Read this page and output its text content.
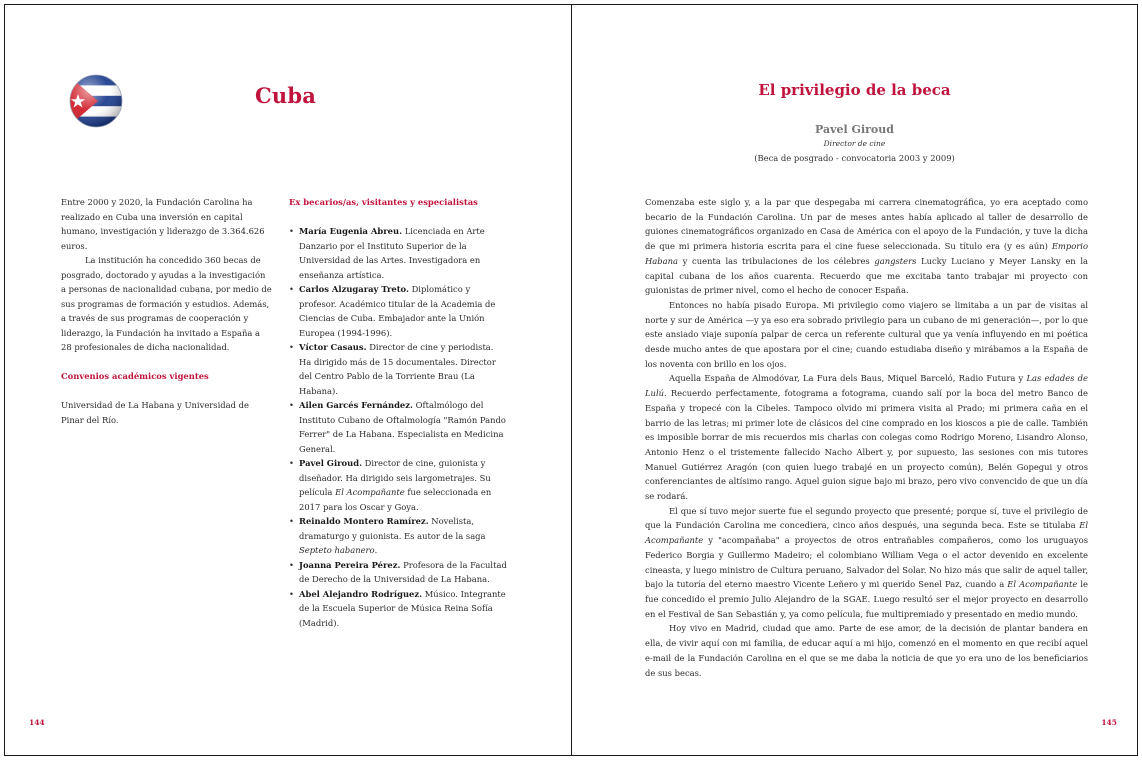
Cuba

Entre 2000 y 2020, la Fundación Carolina ha realizado en Cuba una inversión en capital humano, investigación y liderazgo de 3.364.626 euros.

La institución ha concedido 360 becas de posgrado, doctorado y ayudas a la investigación a personas de nacionalidad cubana, por medio de sus programas de formación y estudios. Además, a través de sus programas de cooperación y liderazgo, la Fundación ha invitado a España a 28 profesionales de dicha nacionalidad.

Convenios académicos vigentes

Universidad de La Habana y Universidad de Pinar del Río.

Ex becarios/as, visitantes y especialistas

• María Eugenia Abreu. Licenciada en Arte Danzario por el Instituto Superior de la Universidad de las Artes. Investigadora en enseñanza artística.
• Carlos Alzugaray Treto. Diplomático y profesor. Académico titular de la Academia de Ciencias de Cuba. Embajador ante la Unión Europea (1994-1996).
• Víctor Casaus. Director de cine y periodista. Ha dirigido más de 15 documentales. Director del Centro Pablo de la Torriente Brau (La Habana).
• Ailen Garcés Fernández. Oftalmólogo del Instituto Cubano de Oftalmología "Ramón Pando Ferrer" de La Habana. Especialista en Medicina General.
• Pavel Giroud. Director de cine, guionista y diseñador. Ha dirigido seis largometrajes. Su película El Acompañante fue seleccionada en 2017 para los Oscar y Goya.
• Reinaldo Montero Ramírez. Novelista, dramaturgo y guionista. Es autor de la saga Septeto habanero.
• Joanna Pereira Pérez. Profesora de la Facultad de Derecho de la Universidad de La Habana.
• Abel Alejandro Rodríguez. Músico. Integrante de la Escuela Superior de Música Reina Sofía (Madrid).
144
El privilegio de la beca
Pavel Giroud
Director de cine
(Beca de posgrado - convocatoria 2003 y 2009)

Comenzaba este siglo y, a la par que despegaba mi carrera cinematográfica, yo era aceptado como becario de la Fundación Carolina. Un par de meses antes había aplicado al taller de desarrollo de guiones cinematográficos organizado en Casa de América con el apoyo de la Fundación, y tuve la dicha de que mi primera historia escrita para el cine fuese seleccionada. Su título era (y es aún) Emporio Habana y cuenta las tribulaciones de los célebres gangsters Lucky Luciano y Meyer Lansky en la capital cubana de los años cuarenta. Recuerdo que me excitaba tanto trabajar mi proyecto con guionistas de primer nivel, como el hecho de conocer España.

Entonces no había pisado Europa. Mi privilegio como viajero se limitaba a un par de visitas al norte y sur de América —y ya eso era sobrado privilegio para un cubano de mi generación—, por lo que este ansiado viaje suponía palpar de cerca un referente cultural que ya venía influyendo en mi poética desde mucho antes de que apostara por el cine; cuando estudiaba diseño y mirábamos a la España de los noventa con brillo en los ojos.

Aquella España de Almodóvar, La Fura dels Baus, Miquel Barceló, Radio Futura y Las edades de Lulú. Recuerdo perfectamente, fotograma a fotograma, cuando salí por la boca del metro Banco de España y tropecé con la Cibeles. Tampoco olvido mi primera visita al Prado; mi primera caña en el barrio de las letras; mi primer lote de clásicos del cine comprado en los kioscos a pie de calle. También es imposible borrar de mis recuerdos mis charlas con colegas como Rodrigo Moreno, Lisandro Alonso, Antonio Henz o el tristemente fallecido Nacho Albert y, por supuesto, las sesiones con mis tutores Manuel Gutiérrez Aragón (con quien luego trabajé en un proyecto común), Belén Gopegui y otros conferenciantes de altísimo rango. Aquel guion sigue bajo mi brazo, pero vivo convencido de que un día se rodará.

El que sí tuvo mejor suerte fue el segundo proyecto que presenté; porque sí, tuve el privilegio de que la Fundación Carolina me concediera, cinco años después, una segunda beca. Este se titulaba El Acompañante y "acompañaba" a proyectos de otros entrañables compañeros, como los uruguayos Federico Borgia y Guillermo Madeiro; el colombiano William Vega o el actor devenido en excelente cineasta, y luego ministro de Cultura peruano, Salvador del Solar. No hizo más que salir de aquel taller, bajo la tutoría del eterno maestro Vicente Leñero y mi querido Senel Paz, cuando a El Acompañante le fue concedido el premio Julio Alejandro de la SGAE. Luego resultó ser el mejor proyecto en desarrollo en el Festival de San Sebastián y, ya como película, fue multipremiado y presentado en medio mundo.

Hoy vivo en Madrid, ciudad que amo. Parte de ese amor, de la decisión de plantar bandera en ella, de vivir aquí con mi familia, de educar aquí a mi hijo, comenzó en el momento en que recibí aquel e-mail de la Fundación Carolina en el que se me daba la noticia de que yo era uno de los beneficiarios de sus becas.

145
